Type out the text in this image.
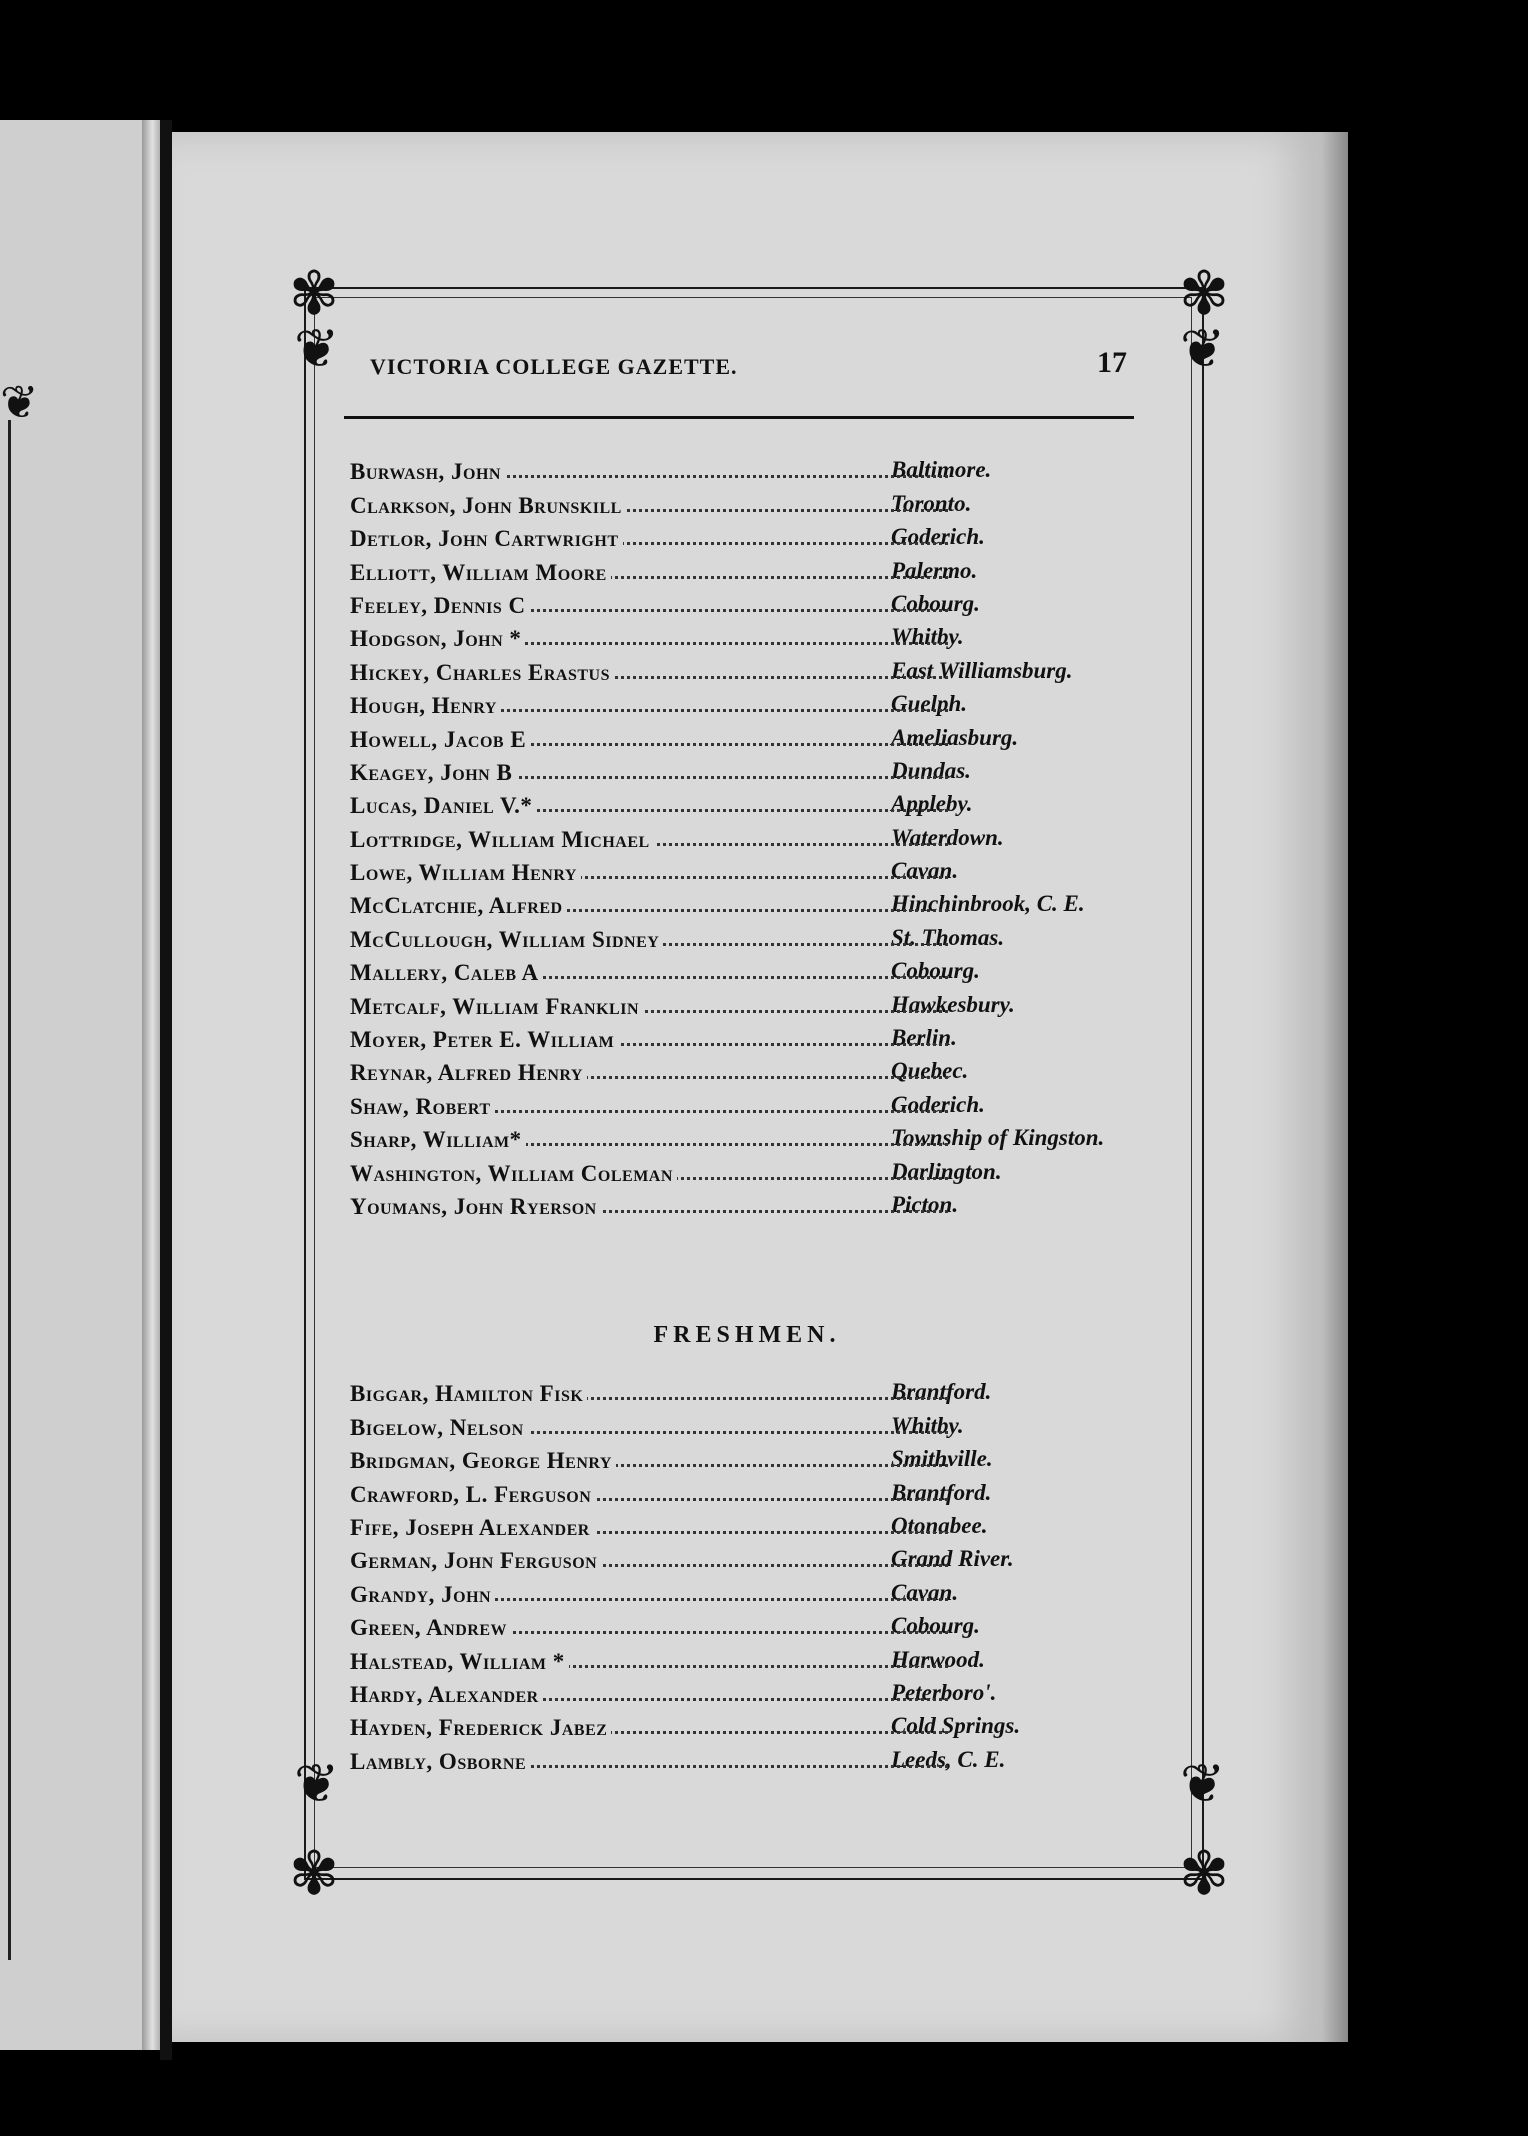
❦
✾	✾
✾	✾
❦	❦
❦	❦
VICTORIA COLLEGE GAZETTE.	17
Burwash, John	Baltimore.
Clarkson, John Brunskill	Toronto.
Detlor, John Cartwright	Goderich.
Elliott, William Moore	Palermo.
Feeley, Dennis C	Cobourg.
Hodgson, John *	Whitby.
Hickey, Charles Erastus	East Williamsburg.
Hough, Henry	Guelph.
Howell, Jacob E	Ameliasburg.
Keagey, John B	Dundas.
Lucas, Daniel V.*	Appleby.
Lottridge, William Michael	Waterdown.
Lowe, William Henry	Cavan.
McClatchie, Alfred	Hinchinbrook, C. E.
McCullough, William Sidney	St. Thomas.
Mallery, Caleb A	Cobourg.
Metcalf, William Franklin	Hawkesbury.
Moyer, Peter E. William	Berlin.
Reynar, Alfred Henry	Quebec.
Shaw, Robert	Goderich.
Sharp, William*	Township of Kingston.
Washington, William Coleman	Darlington.
Youmans, John Ryerson	Picton.
FRESHMEN.
Biggar, Hamilton Fisk	Brantford.
Bigelow, Nelson	Whitby.
Bridgman, George Henry	Smithville.
Crawford, L. Ferguson	Brantford.
Fife, Joseph Alexander	Otonabee.
German, John Ferguson	Grand River.
Grandy, John	Cavan.
Green, Andrew	Cobourg.
Halstead, William *	Harwood.
Hardy, Alexander	Peterboro'.
Hayden, Frederick Jabez	Cold Springs.
Lambly, Osborne	Leeds, C. E.
